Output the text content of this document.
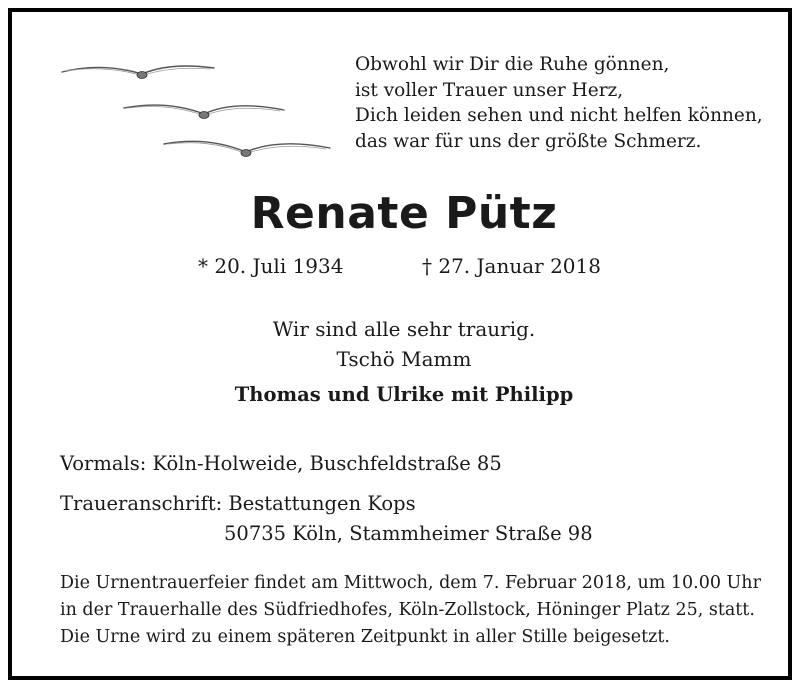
Obwohl wir Dir die Ruhe gönnen,
ist voller Trauer unser Herz,
Dich leiden sehen und nicht helfen können,
das war für uns der größte Schmerz.
Renate Pütz
* 20. Juli 1934	† 27. Januar 2018
Wir sind alle sehr traurig.
Tschö Mamm
Thomas und Ulrike mit Philipp
Vormals: Köln-Holweide, Buschfeldstraße 85
Traueranschrift: Bestattungen Kops
50735 Köln, Stammheimer Straße 98
Die Urnentrauerfeier findet am Mittwoch, dem 7. Februar 2018, um 10.00 Uhr
in der Trauerhalle des Südfriedhofes, Köln-Zollstock, Höninger Platz 25, statt.
Die Urne wird zu einem späteren Zeitpunkt in aller Stille beigesetzt.
